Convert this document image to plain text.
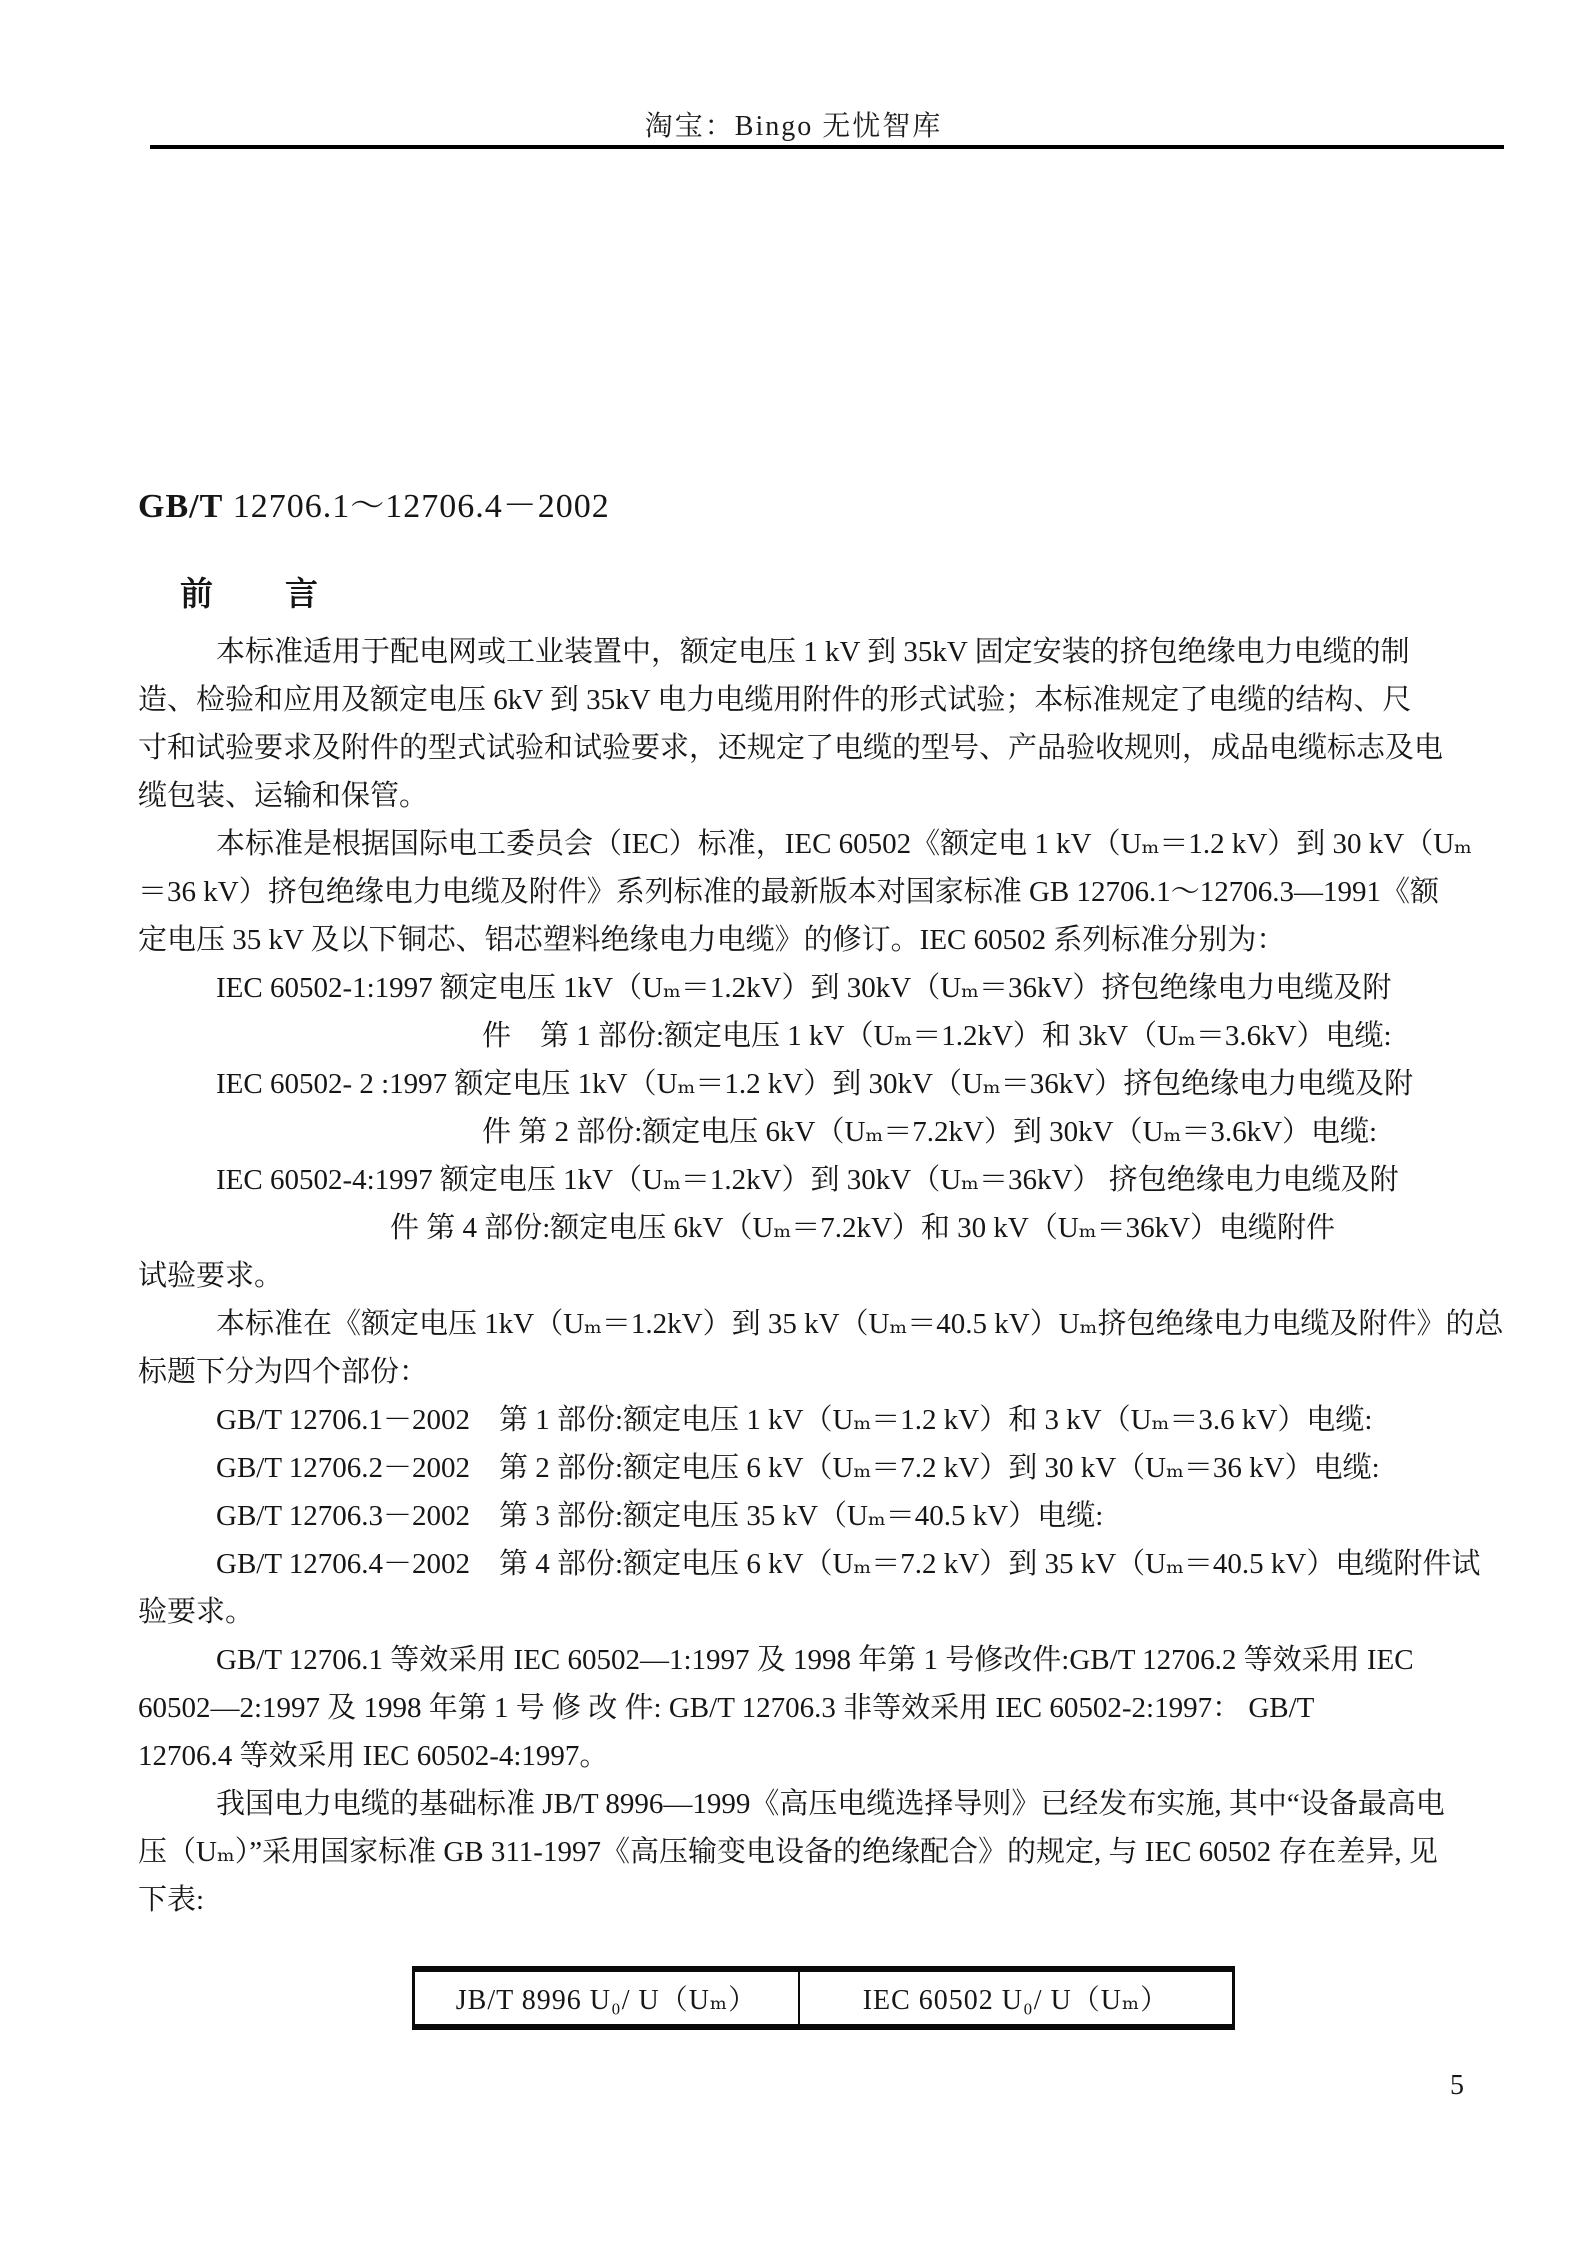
淘宝：Bingo 无忧智库
GB/T 12706.1～12706.4－2002
前　　言
本标准适用于配电网或工业装置中，额定电压 1 kV 到 35kV 固定安装的挤包绝缘电力电缆的制
造、检验和应用及额定电压 6kV 到 35kV 电力电缆用附件的形式试验；本标准规定了电缆的结构、尺
寸和试验要求及附件的型式试验和试验要求，还规定了电缆的型号、产品验收规则，成品电缆标志及电
缆包装、运输和保管。
本标准是根据国际电工委员会（IEC）标准，IEC 60502《额定电 1 kV（Uₘ＝1.2 kV）到 30 kV（Uₘ
＝36 kV）挤包绝缘电力电缆及附件》系列标准的最新版本对国家标准 GB 12706.1～12706.3—1991《额
定电压 35 kV 及以下铜芯、铝芯塑料绝缘电力电缆》的修订。IEC 60502 系列标准分别为：
IEC 60502-1:1997 额定电压 1kV（Uₘ＝1.2kV）到 30kV（Uₘ＝36kV）挤包绝缘电力电缆及附
件　第 1 部份:额定电压 1 kV（Uₘ＝1.2kV）和 3kV（Uₘ＝3.6kV）电缆:
IEC 60502- 2 :1997 额定电压 1kV（Uₘ＝1.2 kV）到 30kV（Uₘ＝36kV）挤包绝缘电力电缆及附
件 第 2 部份:额定电压 6kV（Uₘ＝7.2kV）到 30kV（Uₘ＝3.6kV）电缆:
IEC 60502-4:1997 额定电压 1kV（Uₘ＝1.2kV）到 30kV（Uₘ＝36kV） 挤包绝缘电力电缆及附
件 第 4 部份:额定电压 6kV（Uₘ＝7.2kV）和 30 kV（Uₘ＝36kV）电缆附件
试验要求。
本标准在《额定电压 1kV（Uₘ＝1.2kV）到 35 kV（Uₘ＝40.5 kV）Uₘ挤包绝缘电力电缆及附件》的总
标题下分为四个部份：
GB/T 12706.1－2002　第 1 部份:额定电压 1 kV（Uₘ＝1.2 kV）和 3 kV（Uₘ＝3.6 kV）电缆:
GB/T 12706.2－2002　第 2 部份:额定电压 6 kV（Uₘ＝7.2 kV）到 30 kV（Uₘ＝36 kV）电缆:
GB/T 12706.3－2002　第 3 部份:额定电压 35 kV（Uₘ＝40.5 kV）电缆:
GB/T 12706.4－2002　第 4 部份:额定电压 6 kV（Uₘ＝7.2 kV）到 35 kV（Uₘ＝40.5 kV）电缆附件试
验要求。
GB/T 12706.1 等效采用 IEC 60502—1:1997 及 1998 年第 1 号修改件:GB/T 12706.2 等效采用 IEC
60502—2:1997 及 1998 年第 1 号 修 改 件: GB/T 12706.3 非等效采用 IEC 60502-2:1997： GB/T
12706.4 等效采用 IEC 60502-4:1997。
我国电力电缆的基础标准 JB/T 8996—1999《高压电缆选择导则》已经发布实施, 其中“设备最高电
压（Uₘ）”采用国家标准 GB 311-1997《高压输变电设备的绝缘配合》的规定, 与 IEC 60502 存在差异, 见
下表:
JB/T 8996 U₀/ U（Uₘ）	IEC 60502 U₀/ U（Uₘ）
5
